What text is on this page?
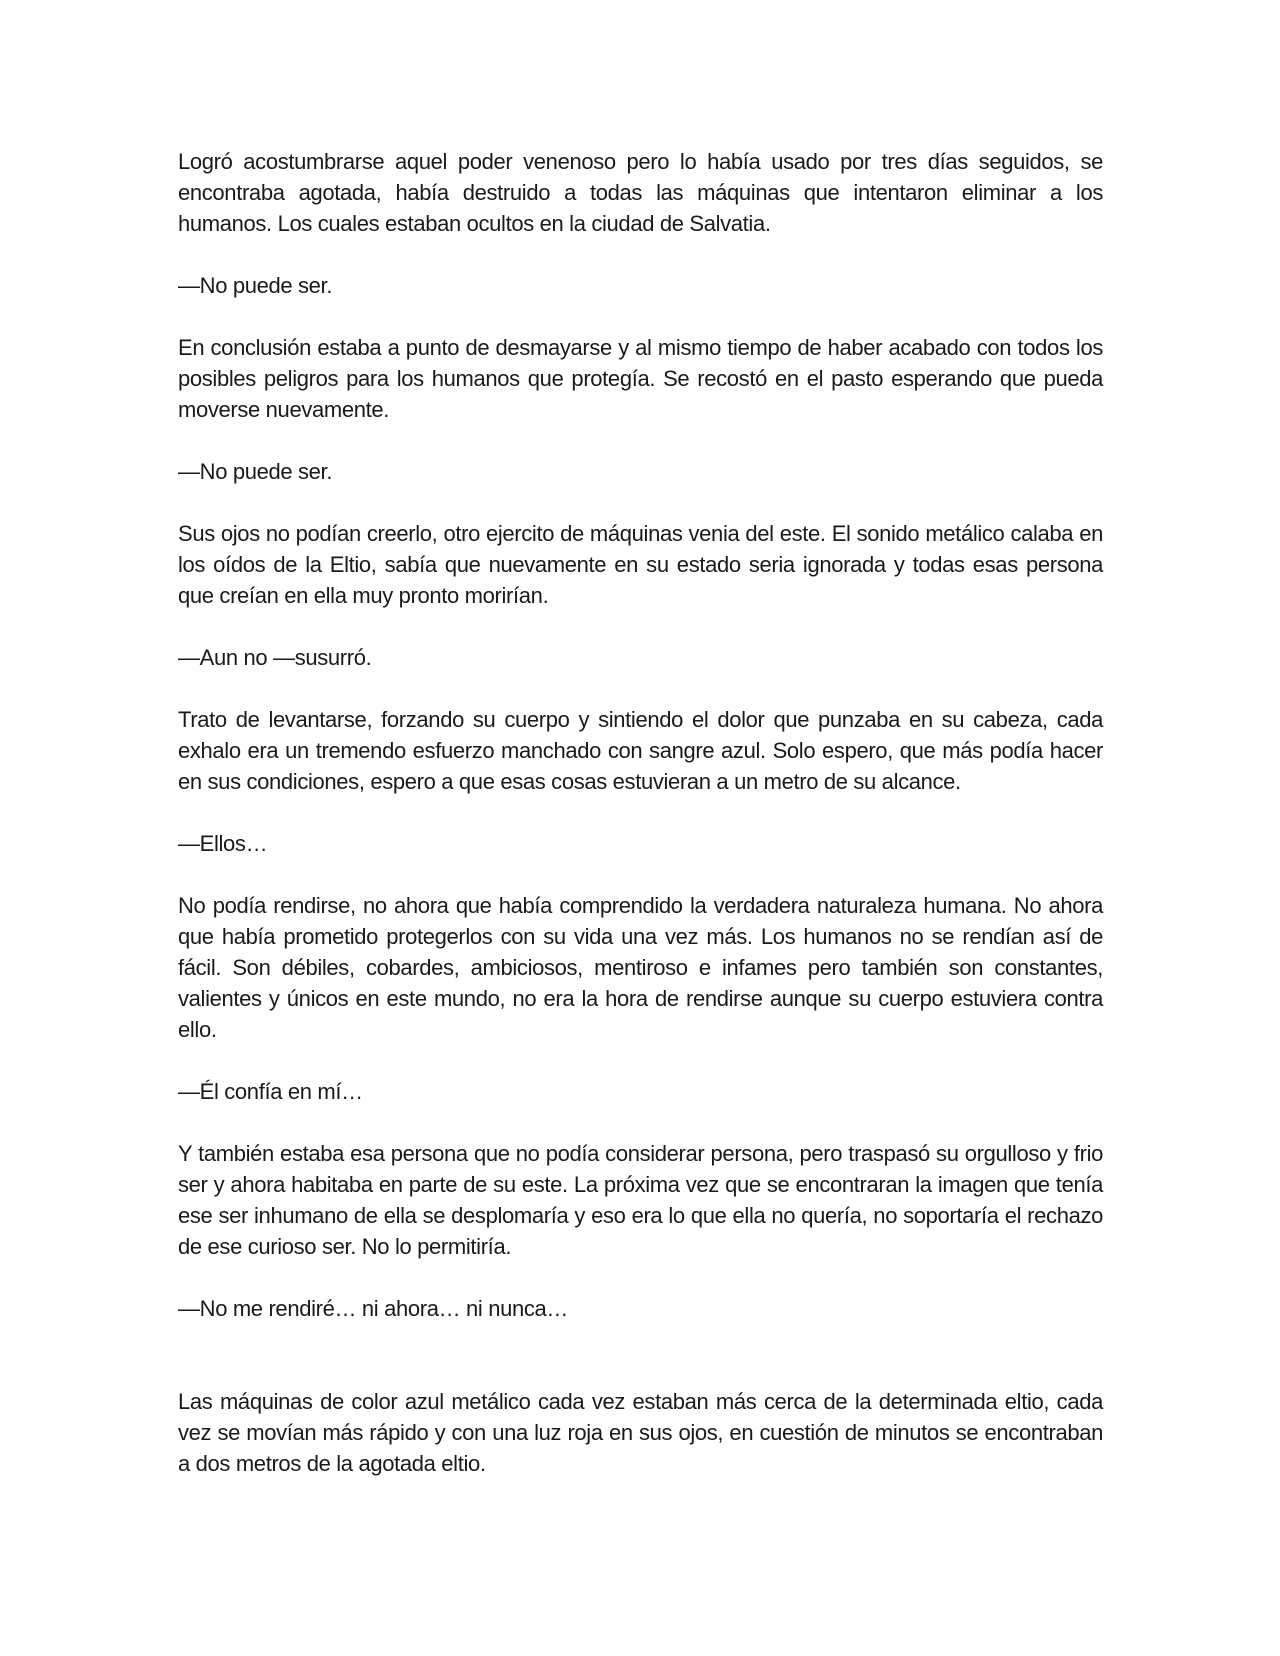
Logró acostumbrarse aquel poder venenoso pero lo había usado por tres días seguidos, se encontraba agotada, había destruido a todas las máquinas que intentaron eliminar a los humanos. Los cuales estaban ocultos en la ciudad de Salvatia.

—No puede ser.

En conclusión estaba a punto de desmayarse y al mismo tiempo de haber acabado con todos los posibles peligros para los humanos que protegía. Se recostó en el pasto esperando que pueda moverse nuevamente.

—No puede ser.

Sus ojos no podían creerlo, otro ejercito de máquinas venia del este. El sonido metálico calaba en los oídos de la Eltio, sabía que nuevamente en su estado seria ignorada y todas esas persona que creían en ella muy pronto morirían.

—Aun no —susurró.

Trato de levantarse, forzando su cuerpo y sintiendo el dolor que punzaba en su cabeza, cada exhalo era un tremendo esfuerzo manchado con sangre azul. Solo espero, que más podía hacer en sus condiciones, espero a que esas cosas estuvieran a un metro de su alcance.

—Ellos…

No podía rendirse, no ahora que había comprendido la verdadera naturaleza humana. No ahora que había prometido protegerlos con su vida una vez más. Los humanos no se rendían así de fácil. Son débiles, cobardes, ambiciosos, mentiroso e infames pero también son constantes, valientes y únicos en este mundo, no era la hora de rendirse aunque su cuerpo estuviera contra ello.

—Él confía en mí…

Y también estaba esa persona que no podía considerar persona, pero traspasó su orgulloso y frio ser y ahora habitaba en parte de su este. La próxima vez que se encontraran la imagen que tenía ese ser inhumano de ella se desplomaría y eso era lo que ella no quería, no soportaría el rechazo de ese curioso ser. No lo permitiría.

—No me rendiré… ni ahora… ni nunca…

Las máquinas de color azul metálico cada vez estaban más cerca de la determinada eltio, cada vez se movían más rápido y con una luz roja en sus ojos, en cuestión de minutos se encontraban a dos metros de la agotada eltio.
